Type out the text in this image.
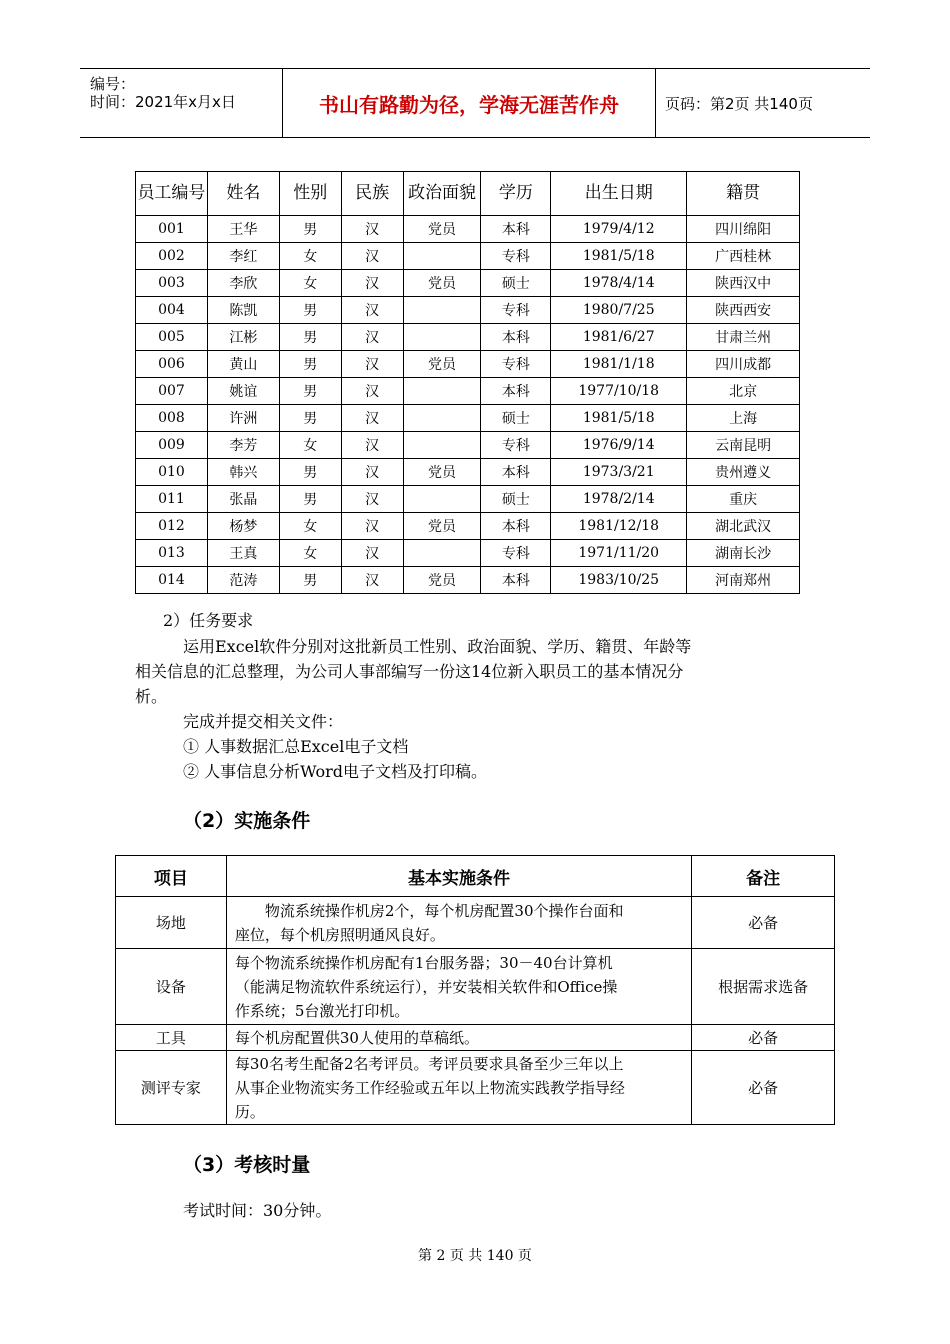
编号：
时间：2021年x月x日	书山有路勤为径，学海无涯苦作舟	页码：第2页 共140页
员工编号	姓名	性别	民族	政治面貌	学历	出生日期	籍贯
001	王华	男	汉	党员	本科	1979/4/12	四川绵阳
002	李红	女	汉		专科	1981/5/18	广西桂林
003	李欣	女	汉	党员	硕士	1978/4/14	陕西汉中
004	陈凯	男	汉		专科	1980/7/25	陕西西安
005	江彬	男	汉		本科	1981/6/27	甘肃兰州
006	黄山	男	汉	党员	专科	1981/1/18	四川成都
007	姚谊	男	汉		本科	1977/10/18	北京
008	许洲	男	汉		硕士	1981/5/18	上海
009	李芳	女	汉		专科	1976/9/14	云南昆明
010	韩兴	男	汉	党员	本科	1973/3/21	贵州遵义
011	张晶	男	汉		硕士	1978/2/14	重庆
012	杨梦	女	汉	党员	本科	1981/12/18	湖北武汉
013	王真	女	汉		专科	1971/11/20	湖南长沙
014	范涛	男	汉	党员	本科	1983/10/25	河南郑州
2）任务要求
运用Excel软件分别对这批新员工性别、政治面貌、学历、籍贯、年龄等
相关信息的汇总整理，为公司人事部编写一份这14位新入职员工的基本情况分
析。
完成并提交相关文件：
① 人事数据汇总Excel电子文档
② 人事信息分析Word电子文档及打印稿。
（2）实施条件
项目	基本实施条件	备注
场地	　　物流系统操作机房2个，每个机房配置30个操作台面和
座位，每个机房照明通风良好。	必备
设备	每个物流系统操作机房配有1台服务器；30－40台计算机
（能满足物流软件系统运行），并安装相关软件和Office操
作系统；5台激光打印机。	根据需求选备
工具	每个机房配置供30人使用的草稿纸。	必备
测评专家	每30名考生配备2名考评员。考评员要求具备至少三年以上
从事企业物流实务工作经验或五年以上物流实践教学指导经
历。	必备
（3）考核时量
考试时间：30分钟。
第 2 页 共 140 页
